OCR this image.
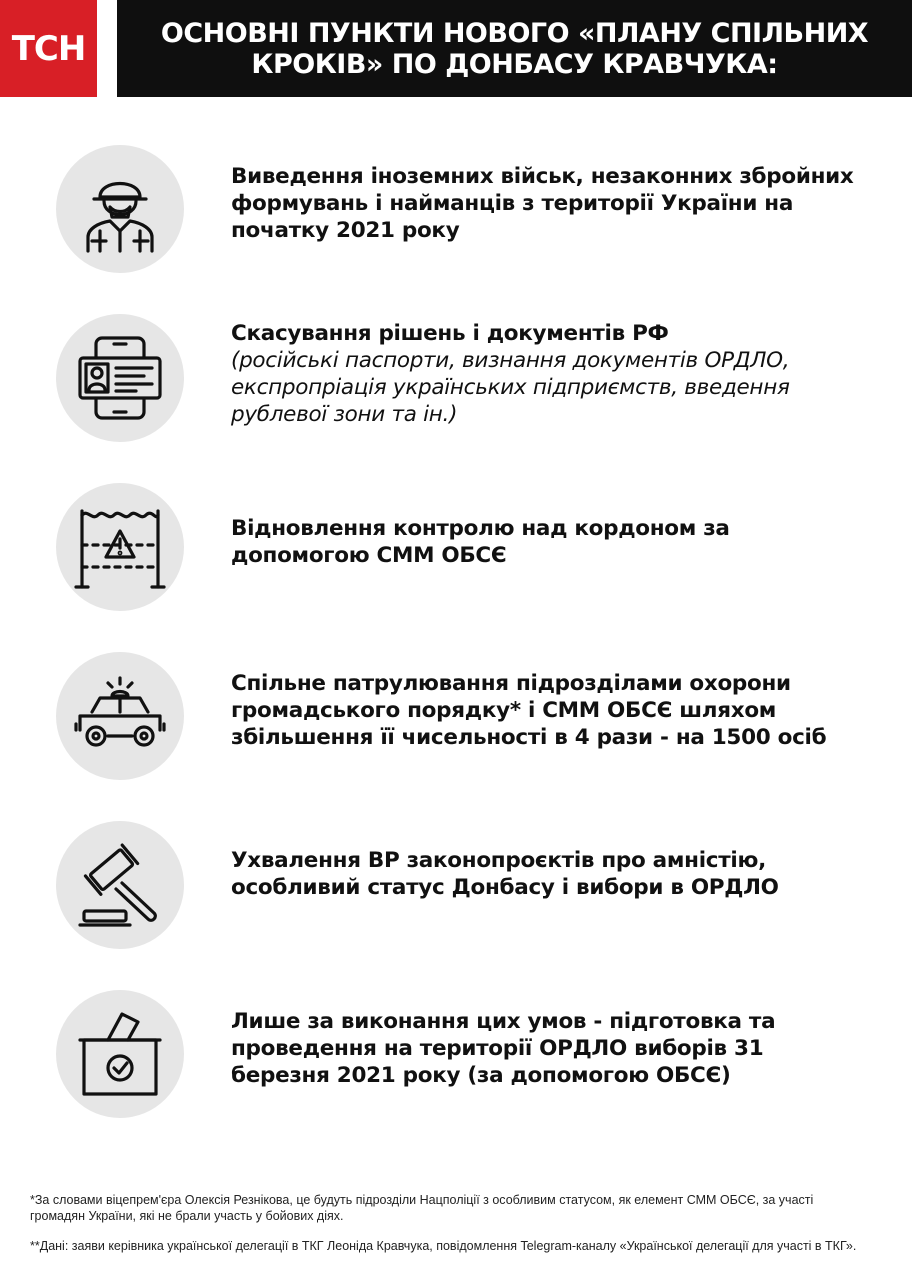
ТСН	ОСНОВНІ ПУНКТИ НОВОГО «ПЛАНУ СПІЛЬНИХ КРОКІВ» ПО ДОНБАСУ КРАВЧУКА:
Виведення іноземних військ, незаконних збройних формувань і найманців з території України на початку 2021 року
Скасування рішень і документів РФ
(російські паспорти, визнання документів ОРДЛО, експропріація українських підприємств, введення рублевої зони та ін.)
Відновлення контролю над кордоном за допомогою СММ ОБСЄ
Спільне патрулювання підрозділами охорони громадського порядку* і СММ ОБСЄ шляхом збільшення її чисельності в 4 рази - на 1500 осіб
Ухвалення ВР законопроєктів про амністію, особливий статус Донбасу і вибори в ОРДЛО
Лише за виконання цих умов - підготовка та проведення на території ОРДЛО виборів 31 березня 2021 року (за допомогою ОБСЄ)
*За словами віцепрем'єра Олексія Резнікова, це будуть підрозділи Нацполіції з особливим статусом, як елемент СММ ОБСЄ, за участі громадян України, які не брали участь у бойових діях.
**Дані: заяви керівника української делегації в ТКГ Леоніда Кравчука, повідомлення Telegram-каналу «Української делегації для участі в ТКГ».
